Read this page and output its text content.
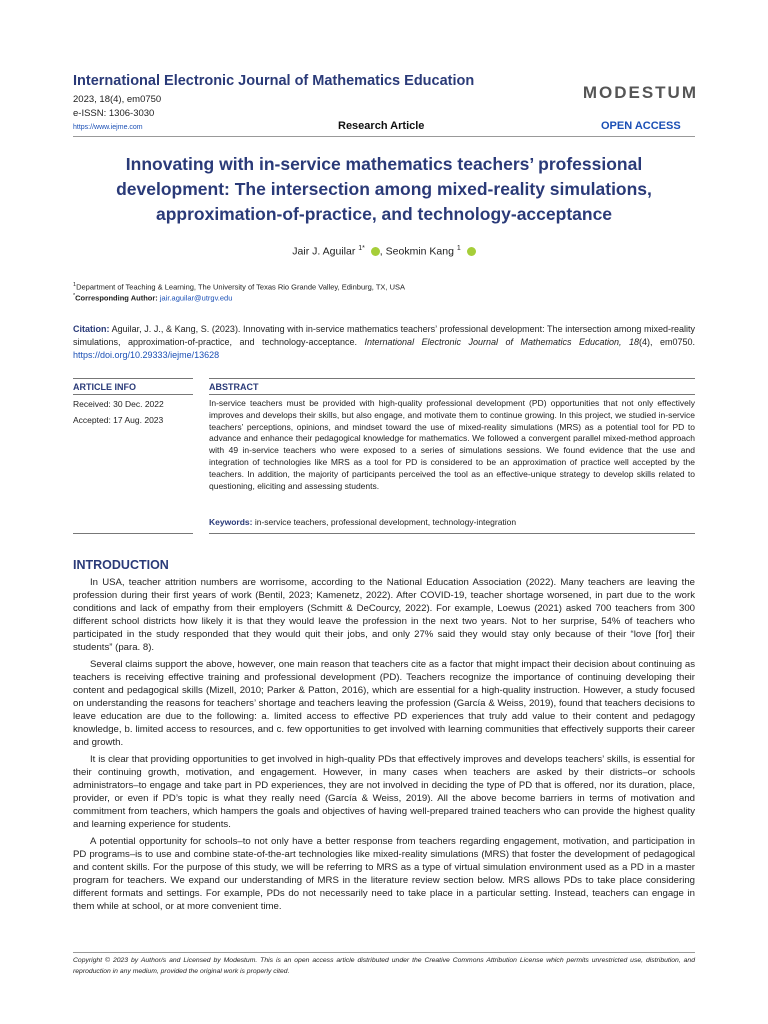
International Electronic Journal of Mathematics Education
2023, 18(4), em0750
e-ISSN: 1306-3030
https://www.iejme.com
MODESTUM
Research Article	OPEN ACCESS
Innovating with in-service mathematics teachers’ professional
development: The intersection among mixed-reality simulations,
approximation-of-practice, and technology-acceptance
Jair J. Aguilar $^{1*}$ , Seokmin Kang $^1$
$^1$Department of Teaching & Learning, The University of Texas Rio Grande Valley, Edinburg, TX, USA
*Corresponding Author: jair.aguilar@utrgv.edu
Citation: Aguilar, J. J., & Kang, S. (2023). Innovating with in-service mathematics teachers’ professional development: The intersection among mixed-reality simulations, approximation-of-practice, and technology-acceptance. International Electronic Journal of Mathematics Education, 18(4), em0750. https://doi.org/10.29333/iejme/13628
ARTICLE INFO	ABSTRACT
Received: 30 Dec. 2022
Accepted: 17 Aug. 2023
In-service teachers must be provided with high-quality professional development (PD) opportunities that not only effectively improves and develops their skills, but also engage, and motivate them to continue growing. In this project, we studied in-service teachers’ perceptions, opinions, and mindset toward the use of mixed-reality simulations (MRS) as a potential tool for PD to advance and enhance their pedagogical knowledge for mathematics. We followed a convergent parallel mixed-method approach with 49 in-service teachers who were exposed to a series of simulations sessions. We found evidence that the use and integration of technologies like MRS as a tool for PD is considered to be an approximation of practice well accepted by the teachers. In addition, the majority of participants perceived the tool as an effective-unique strategy to develop skills related to questioning, eliciting and assessing students.
Keywords: in-service teachers, professional development, technology-integration
INTRODUCTION

In USA, teacher attrition numbers are worrisome, according to the National Education Association (2022). Many teachers are leaving the profession during their first years of work (Bentil, 2023; Kamenetz, 2022). After COVID-19, teacher shortage worsened, in part due to the work conditions and lack of empathy from their employers (Schmitt & DeCourcy, 2022). For example, Loewus (2021) asked 700 teachers from 300 different school districts how likely it is that they would leave the profession in the next two years. Not to her surprise, 54% of teachers who participated in the study responded that they would quit their jobs, and only 27% said they would stay only because of their “love [for] their students” (para. 8).

Several claims support the above, however, one main reason that teachers cite as a factor that might impact their decision about continuing as teachers is receiving effective training and professional development (PD). Teachers recognize the importance of continuing developing their content and pedagogical skills (Mizell, 2010; Parker & Patton, 2016), which are essential for a high-quality instruction. However, a study focused on understanding the reasons for teachers’ shortage and teachers leaving the profession (García & Weiss, 2019), found that teachers decisions to leave education are due to the following: a. limited access to effective PD experiences that truly add value to their content and pedagogy knowledge, b. limited access to resources, and c. few opportunities to get involved with learning communities that effectively supports their career and growth.

It is clear that providing opportunities to get involved in high-quality PDs that effectively improves and develops teachers’ skills, is essential for their continuing growth, motivation, and engagement. However, in many cases when teachers are asked by their districts–or schools administrators–to engage and take part in PD experiences, they are not involved in deciding the type of PD that is offered, nor its duration, place, provider, or even if PD’s topic is what they really need (García & Weiss, 2019). All the above become barriers in terms of motivation and commitment from teachers, which hampers the goals and objectives of having well-prepared trained teachers who can provide the highest quality and learning experience for students.

A potential opportunity for schools–to not only have a better response from teachers regarding engagement, motivation, and participation in PD programs–is to use and combine state-of-the-art technologies like mixed-reality simulations (MRS) that foster the development of pedagogical and content skills. For the purpose of this study, we will be referring to MRS as a type of virtual simulation environment used as a PD in a master program for teachers. We expand our understanding of MRS in the literature review section below. MRS allows PDs to take place considering different formats and settings. For example, PDs do not necessarily need to take place in a particular setting. Instead, teachers can engage in them while at school, or at more convenient time.

Copyright © 2023 by Author/s and Licensed by Modestum. This is an open access article distributed under the Creative Commons Attribution License which permits unrestricted use, distribution, and reproduction in any medium, provided the original work is properly cited.
